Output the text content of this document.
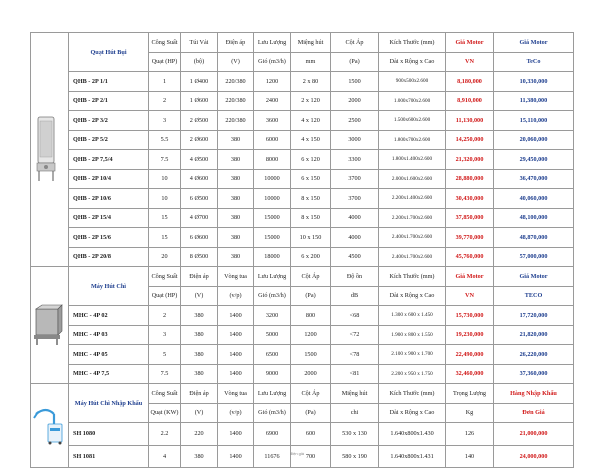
	Quạt Hút Bụi	Công Suất	Túi Vải	Điện áp	Lưu Lượng	Miệng hút	Cột Áp	Kích Thước (mm)	Giá Motor	Giá Motor
		Quạt (HP)	(bộ)	(V)	Gió (m3/h)	mm	(Pa)	Dài x Rộng x Cao	VN	TeCo
	QHB - 2P 1/1	1	1 Ø400	220/380	1200	2 x 80	1500	900x500x2.600	8,180,000	10,330,000
	QHB - 2P 2/1	2	1 Ø600	220/380	2400	2 x 120	2000	1.000x700x2.600	8,910,000	11,380,000
	QHB - 2P 3/2	3	2 Ø500	220/380	3600	4 x 120	2500	1.500x600x2.600	11,130,000	15,110,000
	QHB - 2P 5/2	5.5	2 Ø600	380	6000	4 x 150	3000	1.800x700x2.600	14,250,000	20,060,000
	QHB - 2P 7,5/4	7.5	4 Ø500	380	8000	6 x 120	3300	1.800x1.400x2.600	21,320,000	29,450,000
	QHB - 2P 10/4	10	4 Ø600	380	10000	6 x 150	3700	2.000x1.600x2.600	28,880,000	36,470,000
	QHB - 2P 10/6	10	6 Ø500	380	10000	8 x 150	3700	2.200x1.400x2.600	30,430,000	40,060,000
	QHB - 2P 15/4	15	4 Ø700	380	15000	8 x 150	4000	2.200x1.700x2.600	37,850,000	48,100,000
	QHB - 2P 15/6	15	6 Ø600	380	15000	10 x 150	4000	2.400x1.700x2.600	39,770,000	48,870,000
	QHB - 2P 20/8	20	8 Ø500	380	18000	6 x 200	4500	2.400x1.700x2.600	45,760,000	57,000,000

	Máy Hút Chì	Công Suất	Điện áp	Vòng tua	Lưu Lượng	Cột Áp	Độ ồn	Kích Thước (mm)	Giá Motor	Giá Motor
		Quạt (HP)	(V)	(v/p)	Gió (m3/h)	(Pa)	dB	Dài x Rộng x Cao	VN	TECO
	MHC - 4P 02	2	380	1400	3200	800	<68	1.300 x 600 x 1.450	15,730,000	17,720,000
	MHC - 4P 03	3	380	1400	5000	1200	<72	1.900 x 800 x 1.550	19,230,000	21,820,000
	MHC - 4P 05	5	380	1400	6500	1500	<78	2.100 x 900 x 1.700	22,490,000	26,220,000
	MHC - 4P 7,5	7.5	380	1400	9000	2000	<81	2.200 x 950 x 1.750	32,460,000	37,360,000

	Máy Hút Chì Nhập Khẩu	Công Suất	Điện áp	Vòng tua	Lưu Lượng	Cột Áp	Miệng hút	Kích Thước (mm)	Trọng Lượng	Hàng Nhập Khẩu
		Quạt (KW)	(V)	(v/p)	Gió (m3/h)	(Pa)	chi	Dài x Rộng x Cao	Kg	Đơn Giá
	SH 1080	2.2	220	1400	6900	600	530 x 130	1.640x800x1.430	126	21,000,000
	SH 1081	4	380	1400	11676	700	580 x 190	1.640x800x1.431	140	24,000,000
điện giá
